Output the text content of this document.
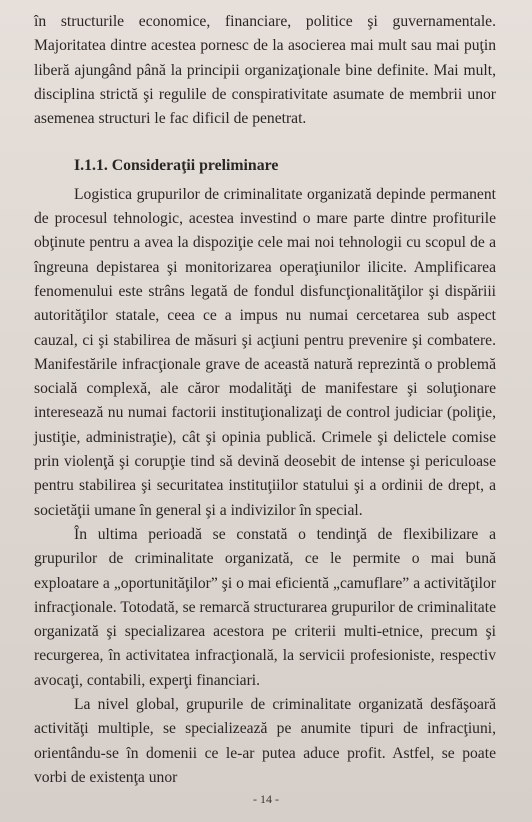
în structurile economice, financiare, politice şi guvernamentale. Majoritatea dintre acestea pornesc de la asocierea mai mult sau mai puţin liberă ajungând până la principii organizaţionale bine definite. Mai mult, disciplina strictă şi regulile de conspirativitate asumate de membrii unor asemenea structuri le fac dificil de penetrat.

I.1.1. Consideraţii preliminare

Logistica grupurilor de criminalitate organizată depinde permanent de procesul tehnologic, acestea investind o mare parte dintre profiturile obţinute pentru a avea la dispoziţie cele mai noi tehnologii cu scopul de a îngreuna depistarea şi monitorizarea operaţiunilor ilicite. Amplificarea fenomenului este strâns legată de fondul disfuncţionalităţilor şi dispăriii autorităţilor statale, ceea ce a impus nu numai cercetarea sub aspect cauzal, ci şi stabilirea de măsuri şi acţiuni pentru prevenire şi combatere. Manifestările infracţionale grave de această natură reprezintă o problemă socială complexă, ale căror modalităţi de manifestare şi soluţionare interesează nu numai factorii instituţionalizaţi de control judiciar (poliţie, justiţie, administraţie), cât şi opinia publică. Crimele şi delictele comise prin violenţă şi corupţie tind să devină deosebit de intense şi periculoase pentru stabilirea şi securitatea instituţiilor statului şi a ordinii de drept, a societăţii umane în general şi a indivizilor în special.

În ultima perioadă se constată o tendinţă de flexibilizare a grupurilor de criminalitate organizată, ce le permite o mai bună exploatare a „oportunităţilor” şi o mai eficientă „camuflare” a activităţilor infracţionale. Totodată, se remarcă structurarea grupurilor de criminalitate organizată şi specializarea acestora pe criterii multi-etnice, precum şi recurgerea, în activitatea infracţională, la servicii profesioniste, respectiv avocaţi, contabili, experţi financiari.

La nivel global, grupurile de criminalitate organizată desfăşoară activităţi multiple, se specializează pe anumite tipuri de infracţiuni, orientându-se în domenii ce le-ar putea aduce profit. Astfel, se poate vorbi de existenţa unor

- 14 -
